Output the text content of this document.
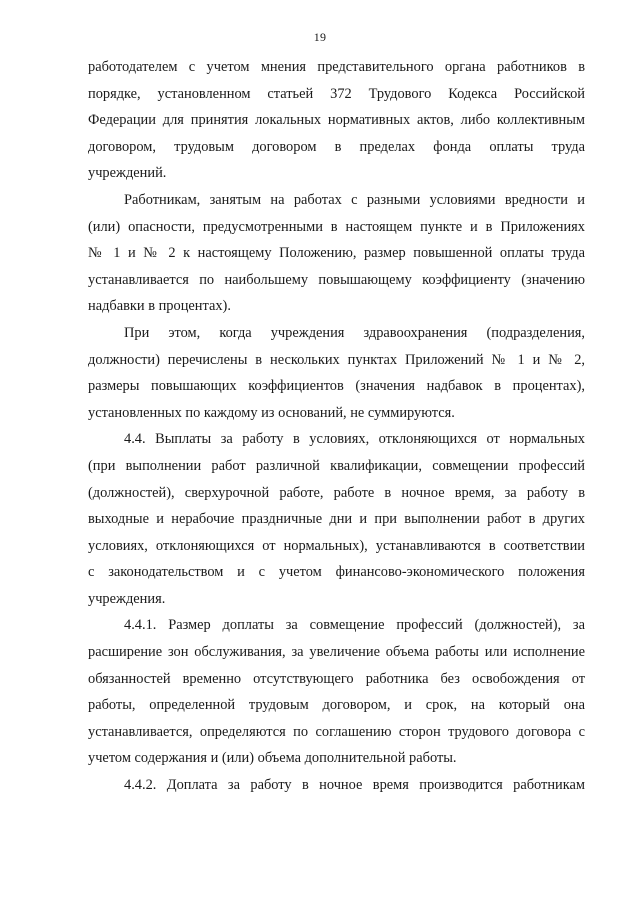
19
работодателем с учетом мнения представительного органа работников в
порядке, установленном статьей 372 Трудового Кодекса Российской
Федерации для принятия локальных нормативных актов, либо коллективным
договором, трудовым договором в пределах фонда оплаты труда
учреждений.
Работникам, занятым на работах с разными условиями вредности и
(или) опасности, предусмотренными в настоящем пункте и в Приложениях
№ 1 и № 2 к настоящему Положению, размер повышенной оплаты труда
устанавливается по наибольшему повышающему коэффициенту (значению
надбавки в процентах).
При этом, когда учреждения здравоохранения (подразделения,
должности) перечислены в нескольких пунктах Приложений № 1 и № 2,
размеры повышающих коэффициентов (значения надбавок в процентах),
установленных по каждому из оснований, не суммируются.
4.4. Выплаты за работу в условиях, отклоняющихся от нормальных
(при выполнении работ различной квалификации, совмещении профессий
(должностей), сверхурочной работе, работе в ночное время, за работу в
выходные и нерабочие праздничные дни и при выполнении работ в других
условиях, отклоняющихся от нормальных), устанавливаются в соответствии
с законодательством и с учетом финансово-экономического положения
учреждения.
4.4.1. Размер доплаты за совмещение профессий (должностей), за
расширение зон обслуживания, за увеличение объема работы или исполнение
обязанностей временно отсутствующего работника без освобождения от
работы, определенной трудовым договором, и срок, на который она
устанавливается, определяются по соглашению сторон трудового договора с
учетом содержания и (или) объема дополнительной работы.
4.4.2. Доплата за работу в ночное время производится работникам
